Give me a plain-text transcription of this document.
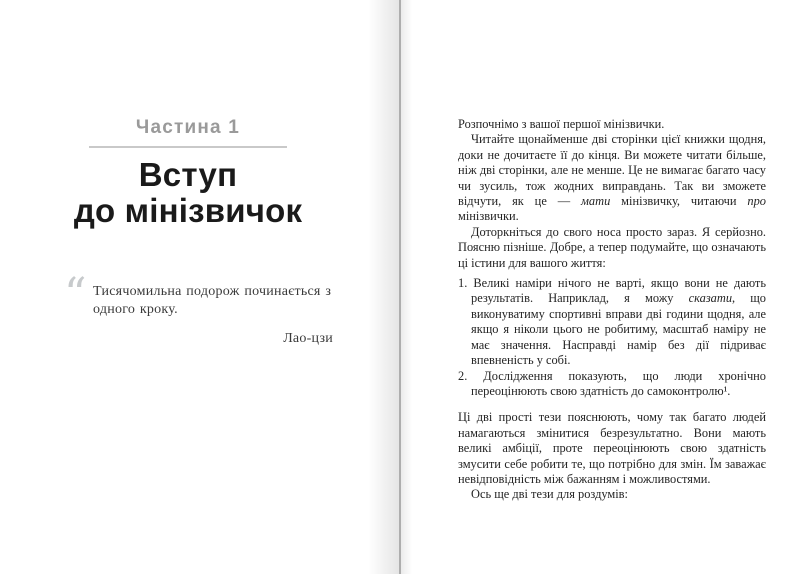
Частина 1
Вступ
до мінізвичок
“ Тисячомильна подорож починається з одного кроку.
Лао-цзи

Розпочнімо з вашої першої мінізвички.

Читайте щонайменше дві сторінки цієї книжки щодня, доки не дочитаєте її до кінця. Ви можете читати більше, ніж дві сторінки, але не менше. Це не вимагає багато часу чи зусиль, тож жодних виправдань. Так ви зможете відчути, як це — мати мінізвичку, читаючи про мінізвички.

Доторкніться до свого носа просто зараз. Я серйозно. Поясню пізніше. Добре, а тепер подумайте, що означають ці істини для вашого життя:

1. Великі наміри нічого не варті, якщо вони не дають результатів. Наприклад, я можу сказати, що виконуватиму спортивні вправи дві години щодня, але якщо я ніколи цього не робитиму, масштаб наміру не має значення. Насправді намір без дії підриває впевненість у собі.
2. Дослідження показують, що люди хронічно переоцінюють свою здатність до самоконтролю¹.

Ці дві прості тези пояснюють, чому так багато людей намагаються змінитися безрезультатно. Вони мають великі амбіції, проте переоцінюють свою здатність змусити себе робити те, що потрібно для змін. Їм заважає невідповідність між бажанням і можливостями.

Ось ще дві тези для роздумів:
